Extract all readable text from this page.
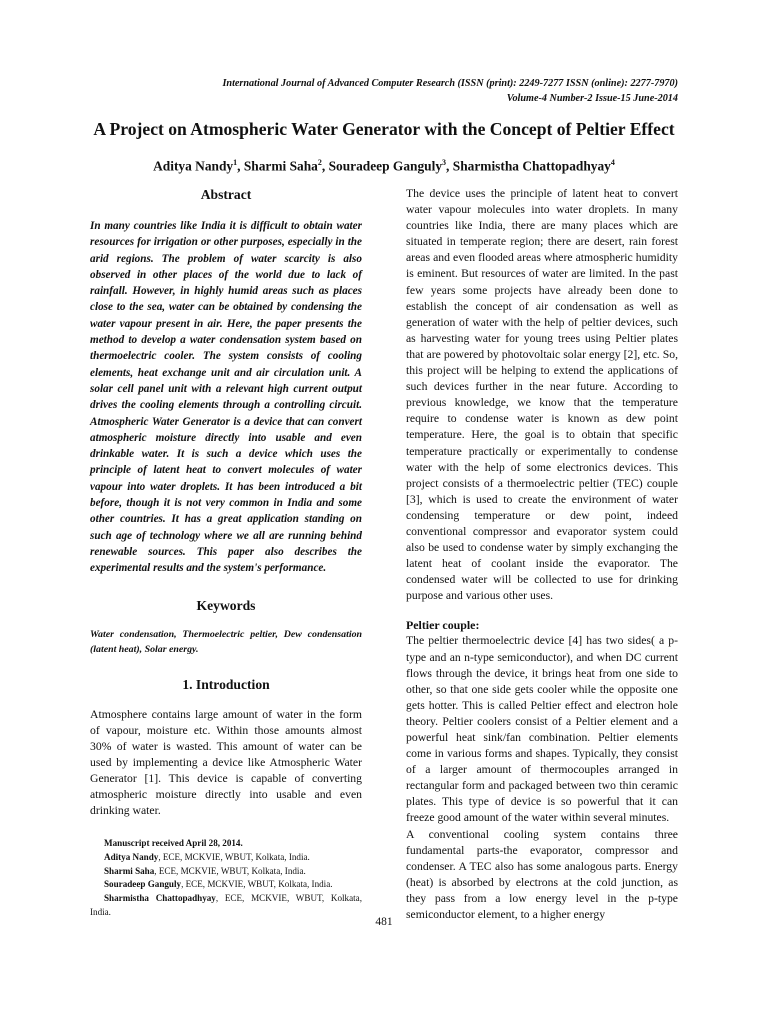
International Journal of Advanced Computer Research (ISSN (print): 2249-7277 ISSN (online): 2277-7970)
Volume-4 Number-2 Issue-15 June-2014
A Project on Atmospheric Water Generator with the Concept of Peltier Effect
Aditya Nandy$^1$, Sharmi Saha$^2$, Souradeep Ganguly$^3$, Sharmistha Chattopadhyay$^4$
Abstract

In many countries like India it is difficult to obtain water resources for irrigation or other purposes, especially in the arid regions. The problem of water scarcity is also observed in other places of the world due to lack of rainfall. However, in highly humid areas such as places close to the sea, water can be obtained by condensing the water vapour present in air. Here, the paper presents the method to develop a water condensation system based on thermoelectric cooler. The system consists of cooling elements, heat exchange unit and air circulation unit. A solar cell panel unit with a relevant high current output drives the cooling elements through a controlling circuit. Atmospheric Water Generator is a device that can convert atmospheric moisture directly into usable and even drinkable water. It is such a device which uses the principle of latent heat to convert molecules of water vapour into water droplets. It has been introduced a bit before, though it is not very common in India and some other countries. It has a great application standing on such age of technology where we all are running behind renewable sources. This paper also describes the experimental results and the system's performance.

Keywords

Water condensation, Thermoelectric peltier, Dew condensation (latent heat), Solar energy.

1. Introduction

Atmosphere contains large amount of water in the form of vapour, moisture etc. Within those amounts almost 30% of water is wasted. This amount of water can be used by implementing a device like Atmospheric Water Generator [1]. This device is capable of converting atmospheric moisture directly into usable and even drinking water.

Manuscript received April 28, 2014.

Aditya Nandy, ECE, MCKVIE, WBUT, Kolkata, India.

Sharmi Saha, ECE, MCKVIE, WBUT, Kolkata, India.

Souradeep Ganguly, ECE, MCKVIE, WBUT, Kolkata, India.

Sharmistha Chattopadhyay, ECE, MCKVIE, WBUT, Kolkata, India.

The device uses the principle of latent heat to convert water vapour molecules into water droplets. In many countries like India, there are many places which are situated in temperate region; there are desert, rain forest areas and even flooded areas where atmospheric humidity is eminent. But resources of water are limited. In the past few years some projects have already been done to establish the concept of air condensation as well as generation of water with the help of peltier devices, such as harvesting water for young trees using Peltier plates that are powered by photovoltaic solar energy [2], etc. So, this project will be helping to extend the applications of such devices further in the near future. According to previous knowledge, we know that the temperature require to condense water is known as dew point temperature. Here, the goal is to obtain that specific temperature practically or experimentally to condense water with the help of some electronics devices. This project consists of a thermoelectric peltier (TEC) couple [3], which is used to create the environment of water condensing temperature or dew point, indeed conventional compressor and evaporator system could also be used to condense water by simply exchanging the latent heat of coolant inside the evaporator. The condensed water will be collected to use for drinking purpose and various other uses.

Peltier couple:

The peltier thermoelectric device [4] has two sides( a p-type and an n-type semiconductor), and when DC current flows through the device, it brings heat from one side to other, so that one side gets cooler while the opposite one gets hotter. This is called Peltier effect and electron hole theory. Peltier coolers consist of a Peltier element and a powerful heat sink/fan combination. Peltier elements come in various forms and shapes. Typically, they consist of a larger amount of thermocouples arranged in rectangular form and packaged between two thin ceramic plates. This type of device is so powerful that it can freeze good amount of the water within several minutes.

A conventional cooling system contains three fundamental parts-the evaporator, compressor and condenser. A TEC also has some analogous parts. Energy (heat) is absorbed by electrons at the cold junction, as they pass from a low energy level in the p-type semiconductor element, to a higher energy

481
